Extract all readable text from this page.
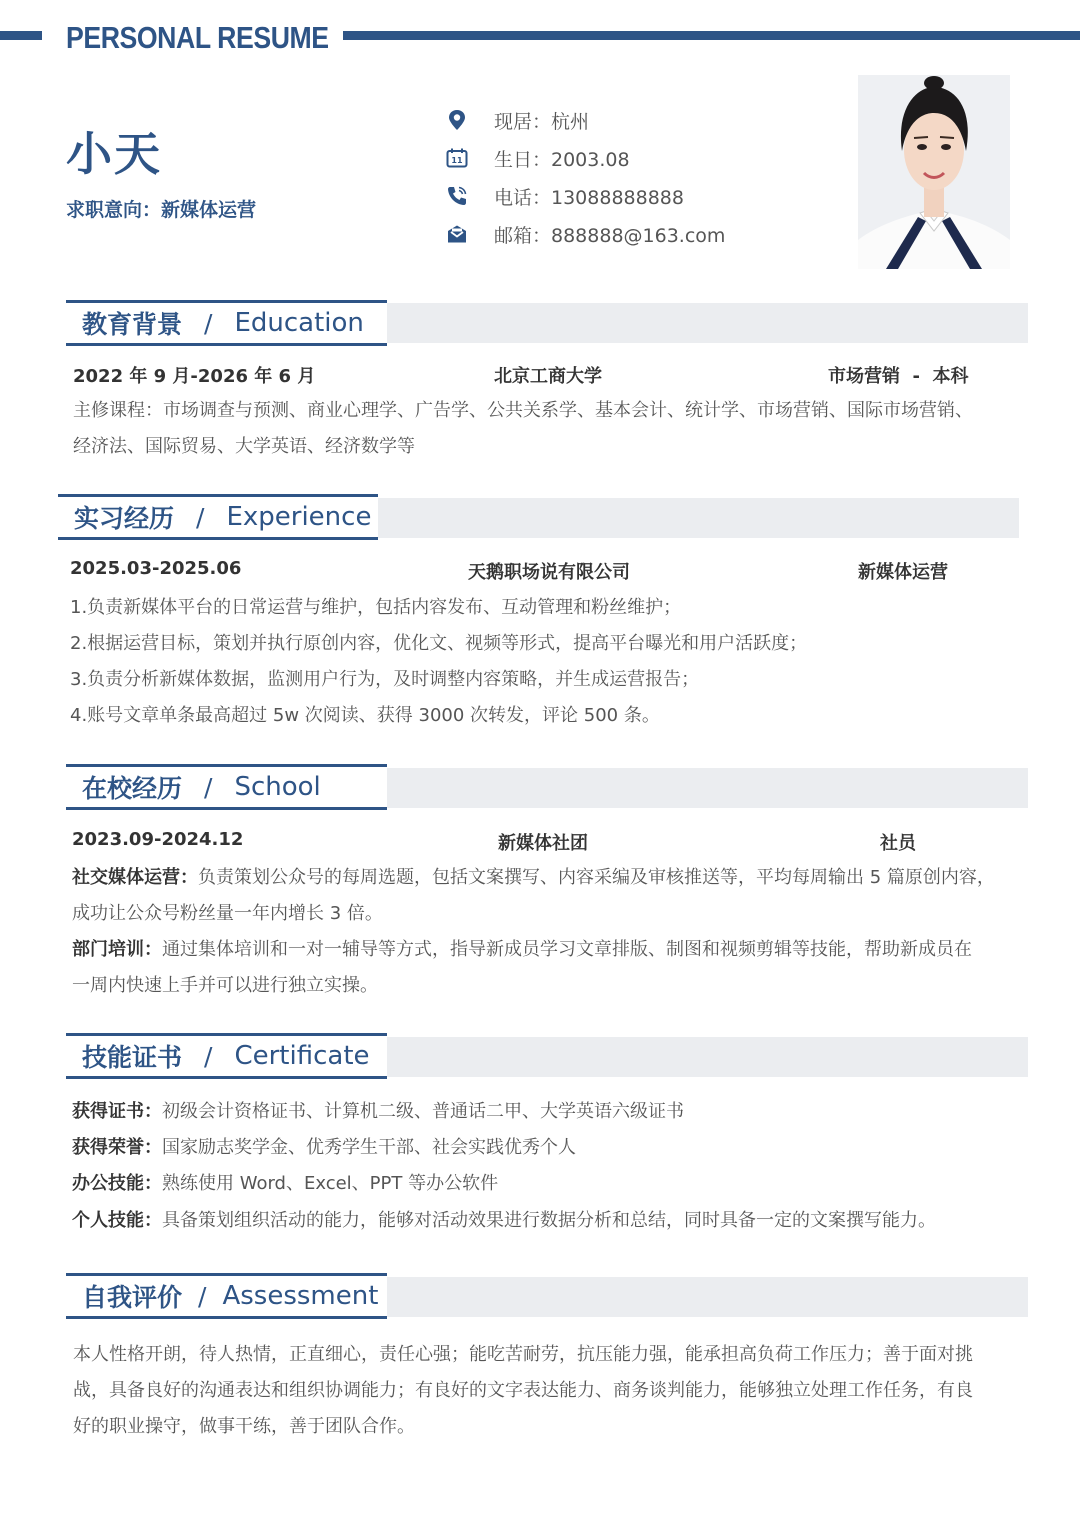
PERSONAL RESUME
小天
求职意向：新媒体运营
现居：杭州
11 生日：2003.08
电话：13088888888
邮箱：888888@163.com
教育背景 / Education
2022 年 9 月-2026 年 6 月	北京工商大学	市场营销  -  本科
主修课程：市场调查与预测、商业心理学、广告学、公共关系学、基本会计、统计学、市场营销、国际市场营销、
经济法、国际贸易、大学英语、经济数学等
实习经历 / Experience
2025.03-2025.06	天鹅职场说有限公司	新媒体运营
1.负责新媒体平台的日常运营与维护，包括内容发布、互动管理和粉丝维护；
2.根据运营目标，策划并执行原创内容，优化文、视频等形式，提高平台曝光和用户活跃度；
3.负责分析新媒体数据，监测用户行为，及时调整内容策略，并生成运营报告；
4.账号文章单条最高超过 5w 次阅读、获得 3000 次转发，评论 500 条。
在校经历 / School
2023.09-2024.12	新媒体社团	社员
社交媒体运营：负责策划公众号的每周选题，包括文案撰写、内容采编及审核推送等，平均每周输出 5 篇原创内容，
成功让公众号粉丝量一年内增长 3 倍。
部门培训：通过集体培训和一对一辅导等方式，指导新成员学习文章排版、制图和视频剪辑等技能，帮助新成员在
一周内快速上手并可以进行独立实操。
技能证书 / Certificate
获得证书：初级会计资格证书、计算机二级、普通话二甲、大学英语六级证书
获得荣誉：国家励志奖学金、优秀学生干部、社会实践优秀个人
办公技能：熟练使用 Word、Excel、PPT 等办公软件
个人技能：具备策划组织活动的能力，能够对活动效果进行数据分析和总结，同时具备一定的文案撰写能力。
自我评价 / Assessment
本人性格开朗，待人热情，正直细心，责任心强；能吃苦耐劳，抗压能力强，能承担高负荷工作压力；善于面对挑
战，具备良好的沟通表达和组织协调能力；有良好的文字表达能力、商务谈判能力，能够独立处理工作任务，有良
好的职业操守，做事干练，善于团队合作。
